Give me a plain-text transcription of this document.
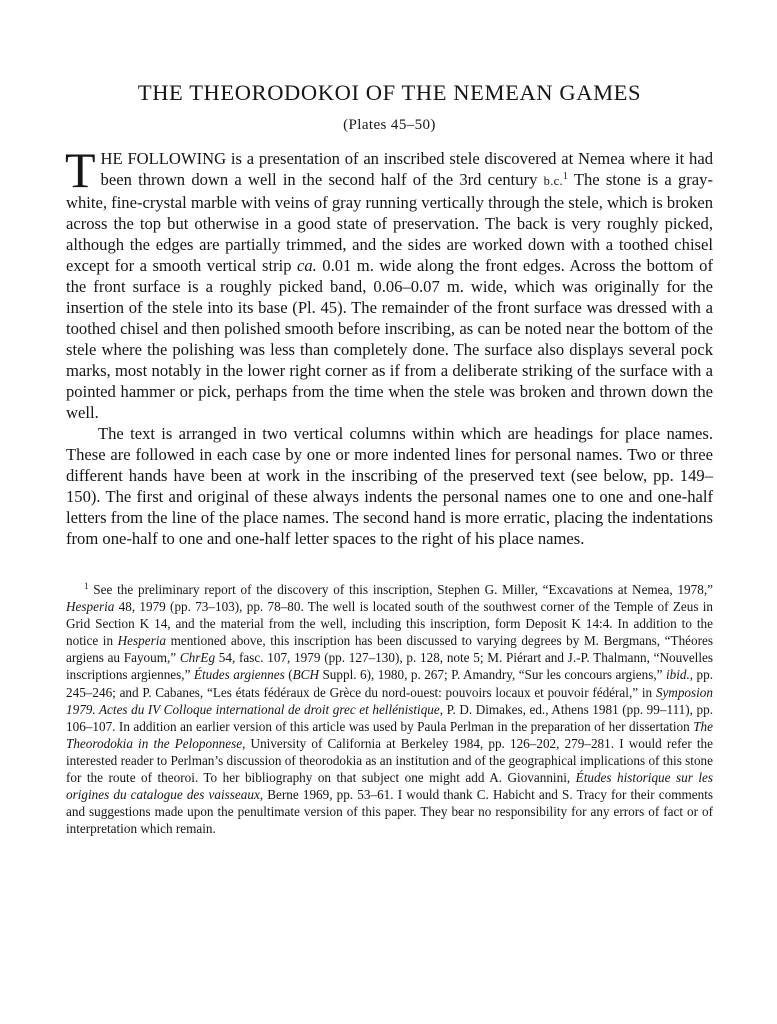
THE THEORODOKOI OF THE NEMEAN GAMES
(Plates 45–50)

THE FOLLOWING is a presentation of an inscribed stele discovered at Nemea where it had been thrown down a well in the second half of the 3rd century b.c.$^1$ The stone is a gray-white, fine-crystal marble with veins of gray running vertically through the stele, which is broken across the top but otherwise in a good state of preservation. The back is very roughly picked, although the edges are partially trimmed, and the sides are worked down with a toothed chisel except for a smooth vertical strip ca. 0.01 m. wide along the front edges. Across the bottom of the front surface is a roughly picked band, 0.06–0.07 m. wide, which was originally for the insertion of the stele into its base (Pl. 45). The remainder of the front surface was dressed with a toothed chisel and then polished smooth before inscribing, as can be noted near the bottom of the stele where the polishing was less than completely done. The surface also displays several pock marks, most notably in the lower right corner as if from a deliberate striking of the surface with a pointed hammer or pick, perhaps from the time when the stele was broken and thrown down the well.

The text is arranged in two vertical columns within which are headings for place names. These are followed in each case by one or more indented lines for personal names. Two or three different hands have been at work in the inscribing of the preserved text (see below, pp. 149–150). The first and original of these always indents the personal names one to one and one-half letters from the line of the place names. The second hand is more erratic, placing the indentations from one-half to one and one-half letter spaces to the right of his place names.

$^1$ See the preliminary report of the discovery of this inscription, Stephen G. Miller, “Excavations at Nemea, 1978,” Hesperia 48, 1979 (pp. 73–103), pp. 78–80. The well is located south of the southwest corner of the Temple of Zeus in Grid Section K 14, and the material from the well, including this inscription, form Deposit K 14:4. In addition to the notice in Hesperia mentioned above, this inscription has been discussed to varying degrees by M. Bergmans, “Théores argiens au Fayoum,” ChrEg 54, fasc. 107, 1979 (pp. 127–130), p. 128, note 5; M. Piérart and J.-P. Thalmann, “Nouvelles inscriptions argiennes,” Études argiennes (BCH Suppl. 6), 1980, p. 267; P. Amandry, “Sur les concours argiens,” ibid., pp. 245–246; and P. Cabanes, “Les états fédéraux de Grèce du nord-ouest: pouvoirs locaux et pouvoir fédéral,” in Symposion 1979. Actes du IV Colloque international de droit grec et hellénistique, P. D. Dimakes, ed., Athens 1981 (pp. 99–111), pp. 106–107. In addition an earlier version of this article was used by Paula Perlman in the preparation of her dissertation The Theorodokia in the Peloponnese, University of California at Berkeley 1984, pp. 126–202, 279–281. I would refer the interested reader to Perlman’s discussion of theorodokia as an institution and of the geographical implications of this stone for the route of theoroi. To her bibliography on that subject one might add A. Giovannini, Études historique sur les origines du catalogue des vaisseaux, Berne 1969, pp. 53–61. I would thank C. Habicht and S. Tracy for their comments and suggestions made upon the penultimate version of this paper. They bear no responsibility for any errors of fact or of interpretation which remain.
